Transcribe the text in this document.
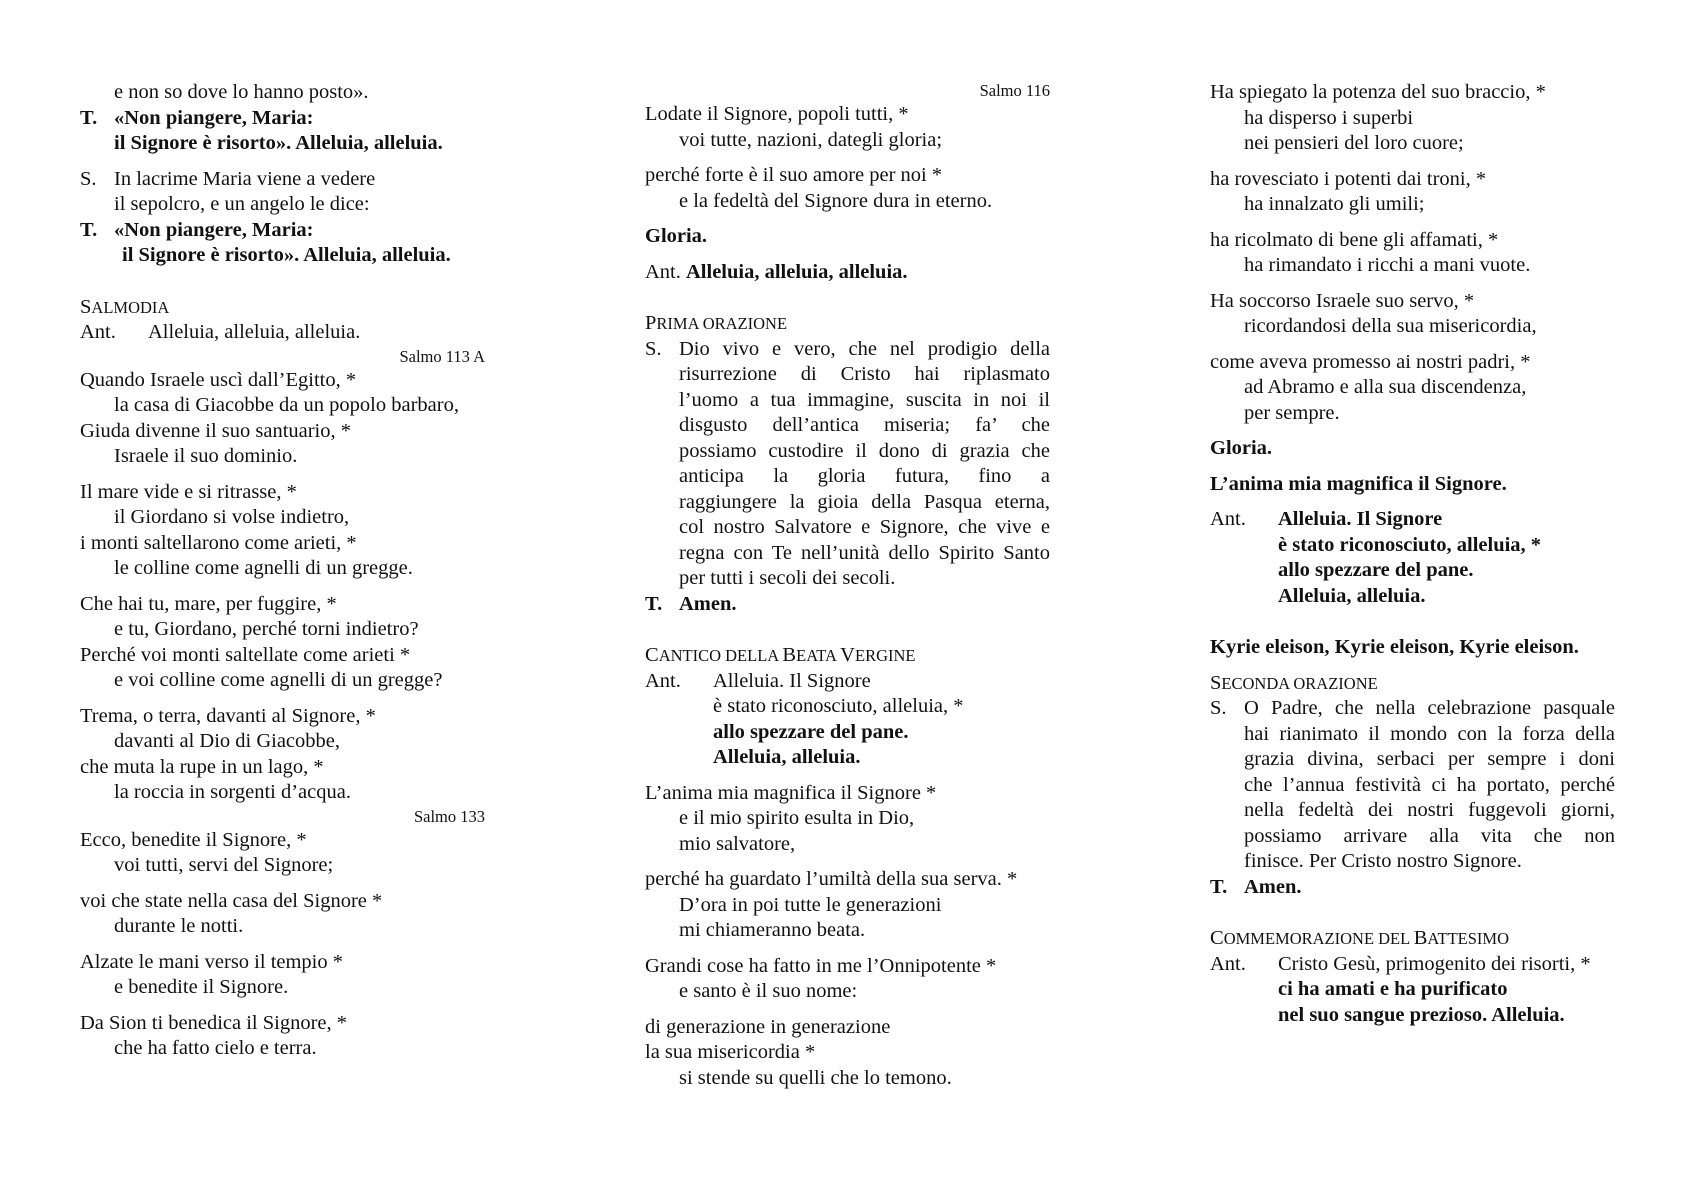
e non so dove lo hanno posto».
T. «Non piangere, Maria:
il Signore è risorto». Alleluia, alleluia.
S. In lacrime Maria viene a vedere
il sepolcro, e un angelo le dice:
T. «Non piangere, Maria:
il Signore è risorto». Alleluia, alleluia.
SALMODIA
Ant.	Alleluia, alleluia, alleluia.
Salmo 113 A
Quando Israele uscì dall’Egitto, *
la casa di Giacobbe da un popolo barbaro,
Giuda divenne il suo santuario, *
Israele il suo dominio.
Il mare vide e si ritrasse, *
il Giordano si volse indietro,
i monti saltellarono come arieti, *
le colline come agnelli di un gregge.
Che hai tu, mare, per fuggire, *
e tu, Giordano, perché torni indietro?
Perché voi monti saltellate come arieti *
e voi colline come agnelli di un gregge?
Trema, o terra, davanti al Signore, *
davanti al Dio di Giacobbe,
che muta la rupe in un lago, *
la roccia in sorgenti d’acqua.
Salmo 133
Ecco, benedite il Signore, *
voi tutti, servi del Signore;
voi che state nella casa del Signore *
durante le notti.
Alzate le mani verso il tempio *
e benedite il Signore.
Da Sion ti benedica il Signore, *
che ha fatto cielo e terra.
Salmo 116
Lodate il Signore, popoli tutti, *
voi tutte, nazioni, dategli gloria;
perché forte è il suo amore per noi *
e la fedeltà del Signore dura in eterno.
Gloria.
Ant. Alleluia, alleluia, alleluia.
PRIMA ORAZIONE
S. Dio vivo e vero, che nel prodigio della
risurrezione di Cristo hai riplasmato
l’uomo a tua immagine, suscita in noi il
disgusto dell’antica miseria; fa’ che
possiamo custodire il dono di grazia che
anticipa la gloria futura, fino a
raggiungere la gioia della Pasqua eterna,
col nostro Salvatore e Signore, che vive e
regna con Te nell’unità dello Spirito Santo
per tutti i secoli dei secoli.
T. Amen.
CANTICO DELLA BEATA VERGINE
Ant.	Alleluia. Il Signore
è stato riconosciuto, alleluia, *
allo spezzare del pane.
Alleluia, alleluia.
L’anima mia magnifica il Signore *
e il mio spirito esulta in Dio,
mio salvatore,
perché ha guardato l’umiltà della sua serva. *
D’ora in poi tutte le generazioni
mi chiameranno beata.
Grandi cose ha fatto in me l’Onnipotente *
e santo è il suo nome:
di generazione in generazione
la sua misericordia *
si stende su quelli che lo temono.
Ha spiegato la potenza del suo braccio, *
ha disperso i superbi
nei pensieri del loro cuore;
ha rovesciato i potenti dai troni, *
ha innalzato gli umili;
ha ricolmato di bene gli affamati, *
ha rimandato i ricchi a mani vuote.
Ha soccorso Israele suo servo, *
ricordandosi della sua misericordia,
come aveva promesso ai nostri padri, *
ad Abramo e alla sua discendenza,
per sempre.
Gloria.
L’anima mia magnifica il Signore.
Ant.	Alleluia. Il Signore
è stato riconosciuto, alleluia, *
allo spezzare del pane.
Alleluia, alleluia.
Kyrie eleison, Kyrie eleison, Kyrie eleison.
SECONDA ORAZIONE
S. O Padre, che nella celebrazione pasquale
hai rianimato il mondo con la forza della
grazia divina, serbaci per sempre i doni
che l’annua festività ci ha portato, perché
nella fedeltà dei nostri fuggevoli giorni,
possiamo arrivare alla vita che non
finisce. Per Cristo nostro Signore.
T. Amen.
COMMEMORAZIONE DEL BATTESIMO
Ant.	Cristo Gesù, primogenito dei risorti, *
ci ha amati e ha purificato
nel suo sangue prezioso. Alleluia.
